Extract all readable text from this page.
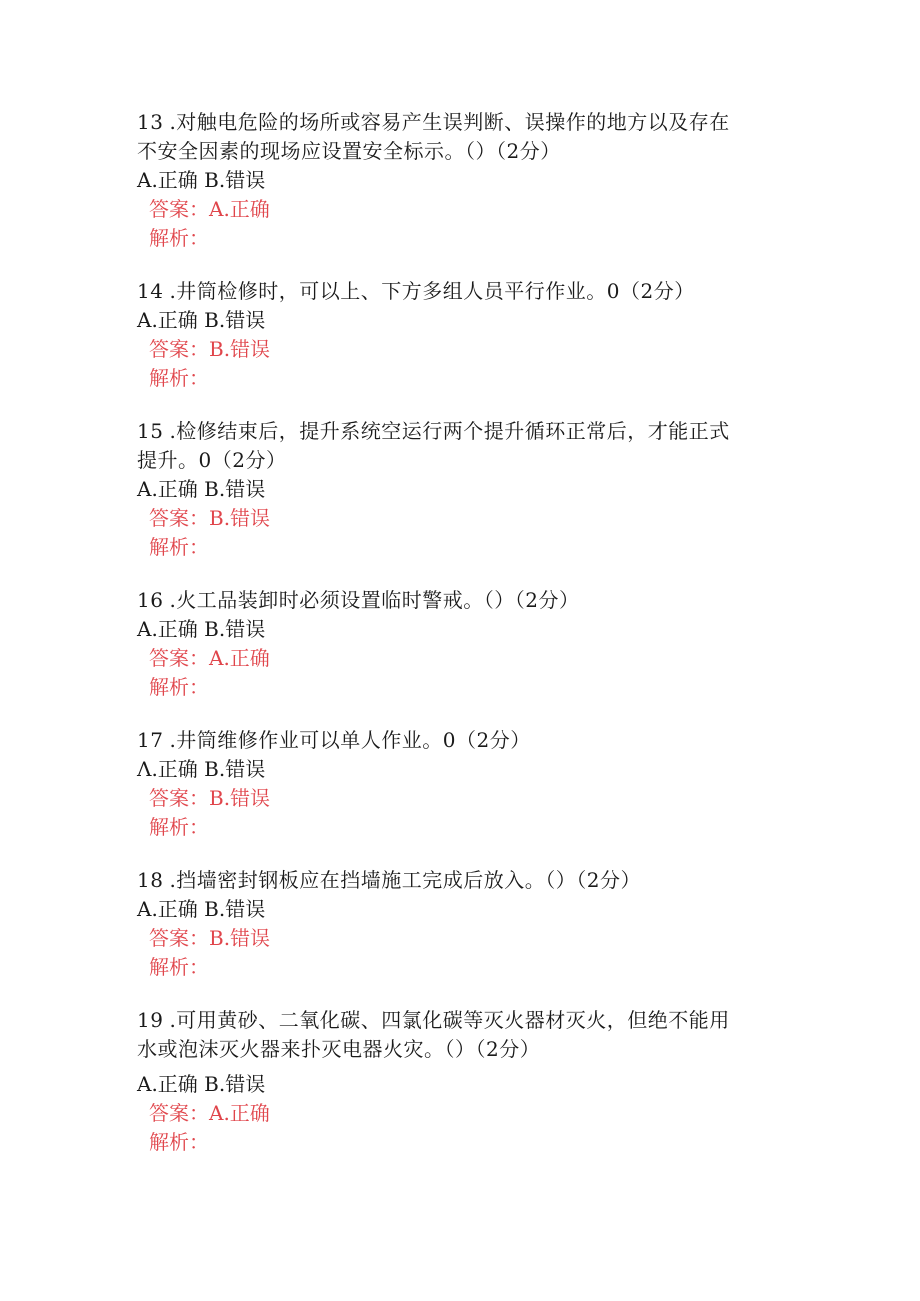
13 .对触电危险的场所或容易产生误判断、误操作的地方以及存在

不安全因素的现场应设置安全标示。（）（2分）

A.正确 B.错误

答案：A.正确

解析：

14 .井筒检修时，可以上、下方多组人员平行作业。0（2分）

A.正确 B.错误

答案：B.错误

解析：

15 .检修结束后，提升系统空运行两个提升循环正常后，才能正式

提升。0（2分）

A.正确 B.错误

答案：B.错误

解析：

16 .火工品装卸时必须设置临时警戒。（）（2分）

A.正确 B.错误

答案：A.正确

解析：

17 .井筒维修作业可以单人作业。0（2分）

Λ.正确 B.错误

答案：B.错误

解析：

18 .挡墙密封钢板应在挡墙施工完成后放入。（）（2分）

A.正确 B.错误

答案：B.错误

解析：

19 .可用黄砂、二氧化碳、四氯化碳等灭火器材灭火，但绝不能用

水或泡沫灭火器来扑灭电器火灾。（）（2分）

A.正确 B.错误

答案：A.正确

解析：
